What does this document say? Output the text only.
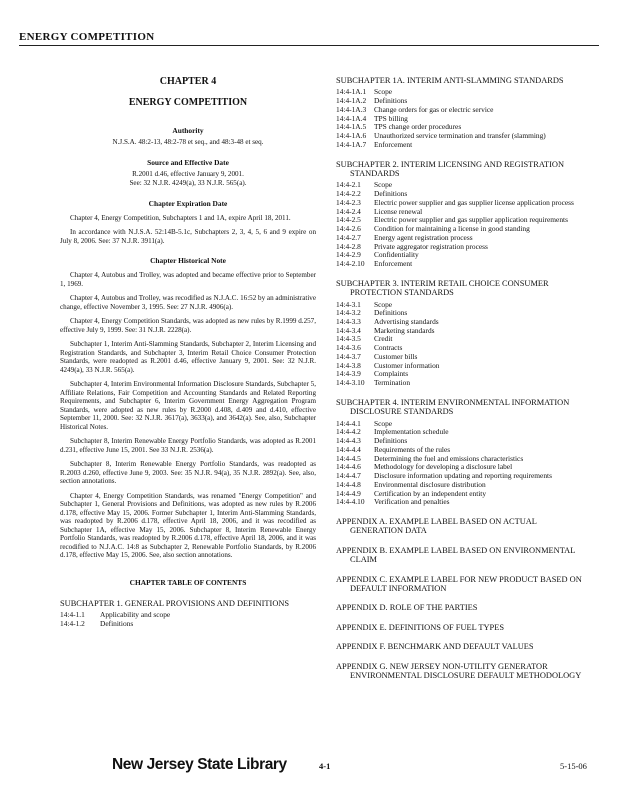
ENERGY COMPETITION
CHAPTER 4
ENERGY COMPETITION
Authority
N.J.S.A. 48:2-13, 48:2-78 et seq., and 48:3-48 et seq.
Source and Effective Date
R.2001 d.46, effective January 9, 2001.
See: 32 N.J.R. 4249(a), 33 N.J.R. 565(a).
Chapter Expiration Date

Chapter 4, Energy Competition, Subchapters 1 and 1A, expire April 18, 2011.

In accordance with N.J.S.A. 52:14B-5.1c, Subchapters 2, 3, 4, 5, 6 and 9 expire on July 8, 2006. See: 37 N.J.R. 3911(a).

Chapter Historical Note

Chapter 4, Autobus and Trolley, was adopted and became effective prior to September 1, 1969.

Chapter 4, Autobus and Trolley, was recodified as N.J.A.C. 16:52 by an administrative change, effective November 3, 1995. See: 27 N.J.R. 4906(a).

Chapter 4, Energy Competition Standards, was adopted as new rules by R.1999 d.257, effective July 9, 1999. See: 31 N.J.R. 2228(a).

Subchapter 1, Interim Anti-Slamming Standards, Subchapter 2, Interim Licensing and Registration Standards, and Subchapter 3, Interim Retail Choice Consumer Protection Standards, were readopted as R.2001 d.46, effective January 9, 2001. See: 32 N.J.R. 4249(a), 33 N.J.R. 565(a).

Subchapter 4, Interim Environmental Information Disclosure Standards, Subchapter 5, Affiliate Relations, Fair Competition and Accounting Standards and Related Reporting Requirements, and Subchapter 6, Interim Government Energy Aggregation Program Standards, were adopted as new rules by R.2000 d.408, d.409 and d.410, effective September 11, 2000. See: 32 N.J.R. 3617(a), 3633(a), and 3642(a). See, also, Subchapter Historical Notes.

Subchapter 8, Interim Renewable Energy Portfolio Standards, was adopted as R.2001 d.231, effective June 15, 2001. See 33 N.J.R. 2536(a).

Subchapter 8, Interim Renewable Energy Portfolio Standards, was readopted as R.2003 d.260, effective June 9, 2003. See: 35 N.J.R. 94(a), 35 N.J.R. 2892(a). See, also, section annotations.

Chapter 4, Energy Competition Standards, was renamed "Energy Competition" and Subchapter 1, General Provisions and Definitions, was adopted as new rules by R.2006 d.178, effective May 15, 2006. Former Subchapter 1, Interim Anti-Slamming Standards, was readopted by R.2006 d.178, effective April 18, 2006, and it was recodified as Subchapter 1A, effective May 15, 2006. Subchapter 8, Interim Renewable Energy Portfolio Standards, was readopted by R.2006 d.178, effective April 18, 2006, and it was recodified to N.J.A.C. 14:8 as Subchapter 2, Renewable Portfolio Standards, by R.2006 d.178, effective May 15, 2006. See, also section annotations.

CHAPTER TABLE OF CONTENTS
SUBCHAPTER 1. GENERAL PROVISIONS AND DEFINITIONS
14:4-1.1	Applicability and scope
14:4-1.2	Definitions
SUBCHAPTER 1A. INTERIM ANTI-SLAMMING STANDARDS
14:4-1A.1	Scope
14:4-1A.2	Definitions
14:4-1A.3	Change orders for gas or electric service
14:4-1A.4	TPS billing
14:4-1A.5	TPS change order procedures
14:4-1A.6	Unauthorized service termination and transfer (slamming)
14:4-1A.7	Enforcement
SUBCHAPTER 2. INTERIM LICENSING AND REGISTRATION STANDARDS
14:4-2.1	Scope
14:4-2.2	Definitions
14:4-2.3	Electric power supplier and gas supplier license application process
14:4-2.4	License renewal
14:4-2.5	Electric power supplier and gas supplier application requirements
14:4-2.6	Condition for maintaining a license in good standing
14:4-2.7	Energy agent registration process
14:4-2.8	Private aggregator registration process
14:4-2.9	Confidentiality
14:4-2.10	Enforcement
SUBCHAPTER 3. INTERIM RETAIL CHOICE CONSUMER PROTECTION STANDARDS
14:4-3.1	Scope
14:4-3.2	Definitions
14:4-3.3	Advertising standards
14:4-3.4	Marketing standards
14:4-3.5	Credit
14:4-3.6	Contracts
14:4-3.7	Customer bills
14:4-3.8	Customer information
14:4-3.9	Complaints
14:4-3.10	Termination
SUBCHAPTER 4. INTERIM ENVIRONMENTAL INFORMATION DISCLOSURE STANDARDS
14:4-4.1	Scope
14:4-4.2	Implementation schedule
14:4-4.3	Definitions
14:4-4.4	Requirements of the rules
14:4-4.5	Determining the fuel and emissions characteristics
14:4-4.6	Methodology for developing a disclosure label
14:4-4.7	Disclosure information updating and reporting requirements
14:4-4.8	Environmental disclosure distribution
14:4-4.9	Certification by an independent entity
14:4-4.10	Verification and penalties
APPENDIX A. EXAMPLE LABEL BASED ON ACTUAL GENERATION DATA
APPENDIX B. EXAMPLE LABEL BASED ON ENVIRONMENTAL CLAIM
APPENDIX C. EXAMPLE LABEL FOR NEW PRODUCT BASED ON DEFAULT INFORMATION
APPENDIX D. ROLE OF THE PARTIES
APPENDIX E. DEFINITIONS OF FUEL TYPES
APPENDIX F. BENCHMARK AND DEFAULT VALUES
APPENDIX G. NEW JERSEY NON-UTILITY GENERATOR ENVIRONMENTAL DISCLOSURE DEFAULT METHODOLOGY
New Jersey State Library	4-1	5-15-06
